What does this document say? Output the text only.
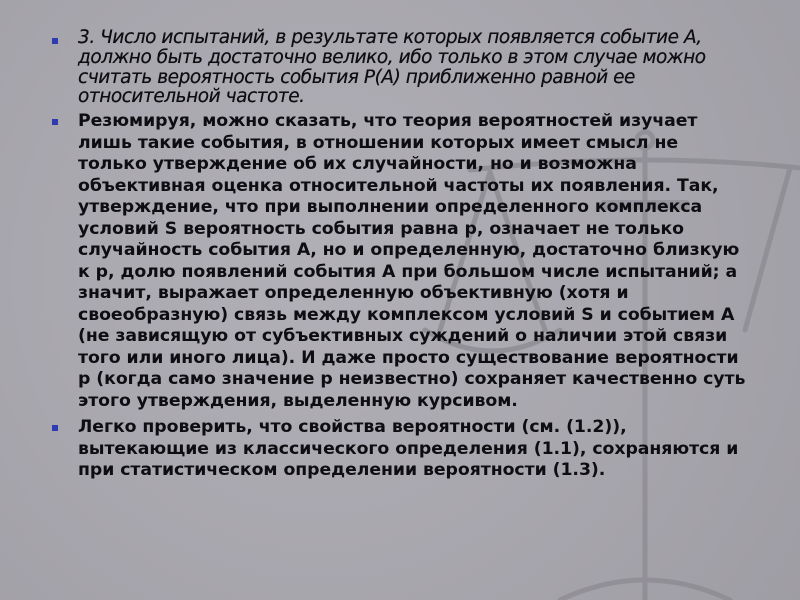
3. Число испытаний, в результате которых появляется событие А, должно быть достаточно велико, ибо только в этом случае можно считать вероятность события Р(А) приближенно равной ее относительной частоте.
Резюмируя, можно сказать, что теория вероятностей изучает лишь такие события, в отношении которых имеет смысл не только утверждение об их случайности, но и возможна объективная оценка относительной частоты их появления. Так, утверждение, что при выполнении определенного комплекса условий S вероятность события равна р, означает не только случайность события А, но и определенную, достаточно близкую к р, долю появлений события А при большом числе испытаний; а значит, выражает определенную объективную (хотя и своеобразную) связь между комплексом условий S и событием А (не зависящую от субъективных суждений о наличии этой связи того или иного лица). И даже просто существование вероятности р (когда само значение р неизвестно) сохраняет качественно суть этого утверждения, выделенную курсивом.
Легко проверить, что свойства вероятности (см. (1.2)), вытекающие из классического определения (1.1), сохраняются и при статистическом определении вероятности (1.3).
